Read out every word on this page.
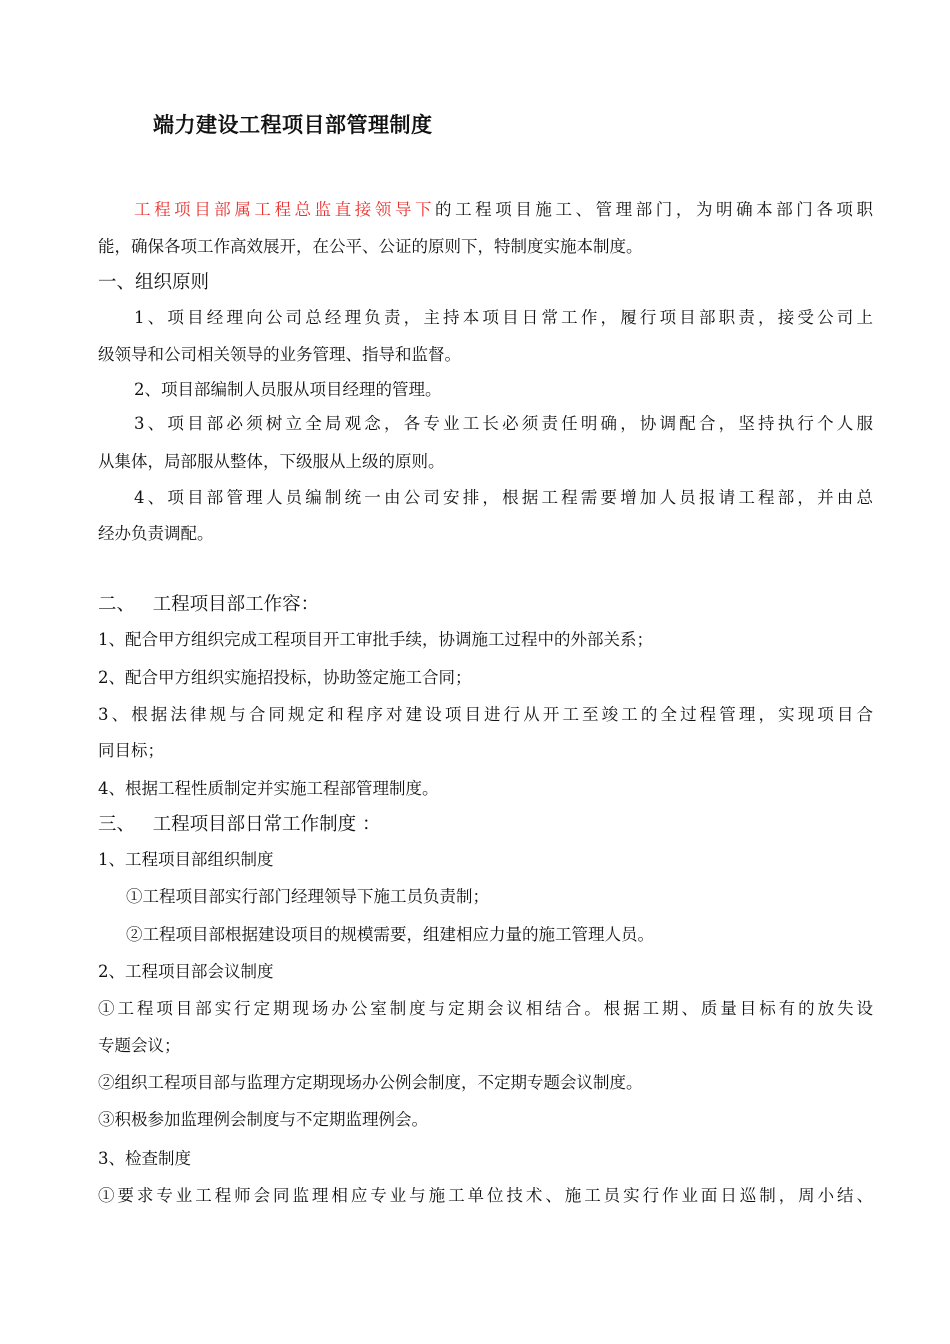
端力建设工程项目部管理制度
工程项目部属工程总监直接领导下的工程项目施工、管理部门，为明确本部门各项职
能，确保各项工作高效展开，在公平、公证的原则下，特制度实施本制度。
一、组织原则
1、项目经理向公司总经理负责，主持本项目日常工作，履行项目部职责，接受公司上
级领导和公司相关领导的业务管理、指导和监督。
2、项目部编制人员服从项目经理的管理。
3、项目部必须树立全局观念，各专业工长必须责任明确，协调配合，坚持执行个人服
从集体，局部服从整体，下级服从上级的原则。
4、项目部管理人员编制统一由公司安排，根据工程需要增加人员报请工程部，并由总
经办负责调配。
二、   工程项目部工作容：
1、配合甲方组织完成工程项目开工审批手续，协调施工过程中的外部关系；
2、配合甲方组织实施招投标，协助签定施工合同；
3、根据法律规与合同规定和程序对建设项目进行从开工至竣工的全过程管理，实现项目合
同目标；
4、根据工程性质制定并实施工程部管理制度。
三、   工程项目部日常工作制度 ：
1、工程项目部组织制度
①工程项目部实行部门经理领导下施工员负责制；
②工程项目部根据建设项目的规模需要，组建相应力量的施工管理人员。
2、工程项目部会议制度
①工程项目部实行定期现场办公室制度与定期会议相结合。根据工期、质量目标有的放失设
专题会议；
②组织工程项目部与监理方定期现场办公例会制度，不定期专题会议制度。
③积极参加监理例会制度与不定期监理例会。
3、检查制度
①要求专业工程师会同监理相应专业与施工单位技术、施工员实行作业面日巡制，周小结、
